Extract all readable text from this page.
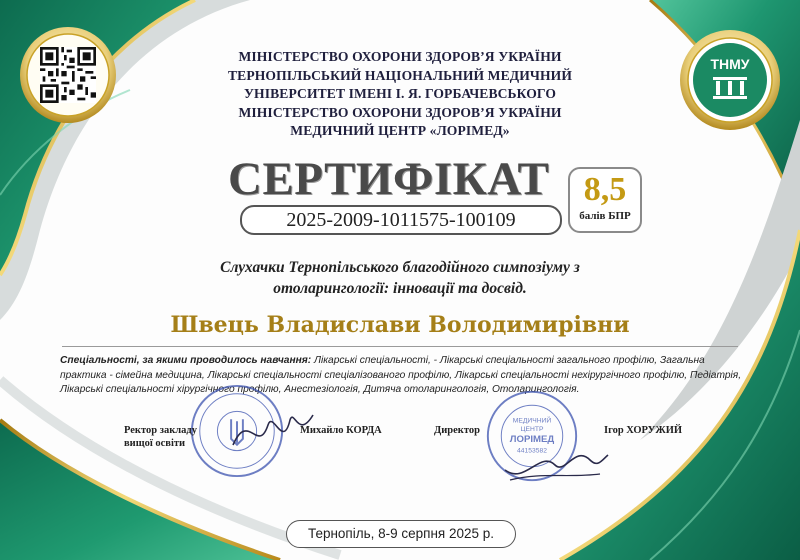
ТНМУ
МІНІСТЕРСТВО ОХОРОНИ ЗДОРОВ’Я УКРАЇНИ
ТЕРНОПІЛЬСЬКИЙ НАЦІОНАЛЬНИЙ МЕДИЧНИЙ
УНІВЕРСИТЕТ ІМЕНІ І. Я. ГОРБАЧЕВСЬКОГО
МІНІСТЕРСТВО ОХОРОНИ ЗДОРОВ’Я УКРАЇНИ
МЕДИЧНИЙ ЦЕНТР «ЛОРІМЕД»
СЕРТИФІКАТ
2025-2009-1011575-100109
8,5
балів БПР
Слухачки Тернопільського благодійного симпозіуму з
отоларингології: інновації та досвід.
Швець Владислави Володимирівни
Спеціальності, за якими проводилось навчання: Лікарські спеціальності, - Лікарські спеціальності загального профілю, Загальна практика - сімейна медицина, Лікарські спеціальності спеціалізованого профілю, Лікарські спеціальності нехірургічного профілю, Педіатрія, Лікарські спеціальності хірургічного профілю, Анестезіологія, Дитяча отоларингологія, Отоларингологія.
МЕДИЧНИЙ
ЦЕНТР
ЛОРІМЕД
44153582
Ректор закладу
вищої освіти
Михайло КОРДА	Директор	Ігор ХОРУЖИЙ
Тернопіль, 8-9 серпня 2025 р.
